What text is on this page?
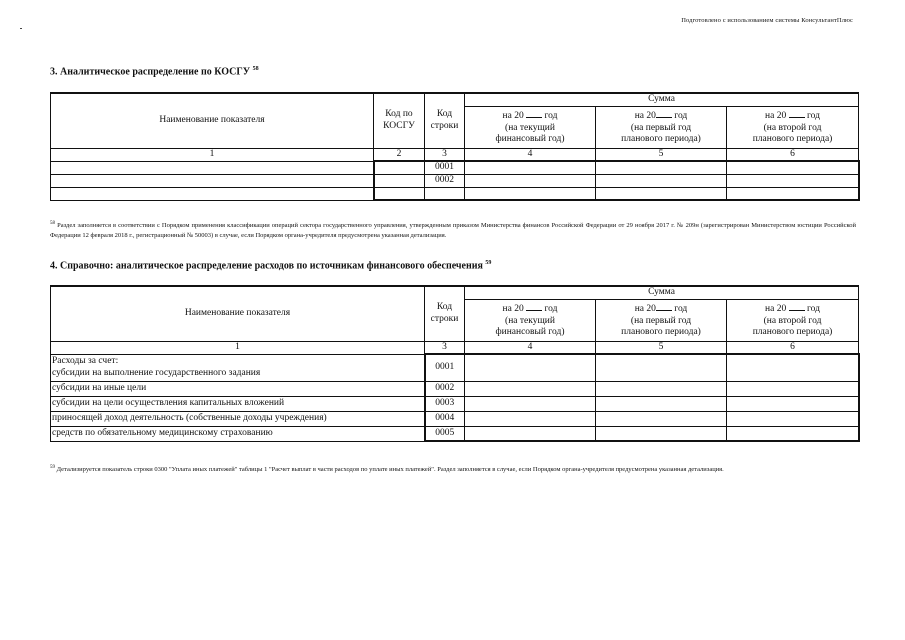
Подготовлено с использованием системы КонсультантПлюс
3. Аналитическое распределение по КОСГУ $^{58}$
Наименование показателя	Код по КОСГУ	Код строки	Сумма		
			на 20 год
(на текущий
финансовый год)	на 20 год
(на первый год
планового периода)	на 20 год
(на второй год
планового периода)
1	2	3	4	5	6
		0001			
		0002			

$^{58}$ Раздел заполняется в соответствии с Порядком применения классификации операций сектора государственного управления, утвержденным приказом Министерства финансов Российской Федерации от 29 ноября 2017 г. № 209н (зарегистрирован Министерством юстиции Российской Федерации 12 февраля 2018 г., регистрационный № 50003) в случае, если Порядком органа-учредителя предусмотрена указанная детализация.
4. Справочно: аналитическое распределение расходов по источникам финансового обеспечения $^{59}$
Наименование показателя	Код строки	Сумма		
		на 20 год
(на текущий
финансовый год)	на 20 год
(на первый год
планового периода)	на 20 год
(на второй год
планового периода)
1	3	4	5	6
Расходы за счет:
субсидии на выполнение государственного задания	0001			
субсидии на иные цели	0002			
субсидии на цели осуществления капитальных вложений	0003			
приносящей доход деятельность (собственные доходы учреждения)	0004			
средств по обязательному медицинскому страхованию	0005			
$^{59}$ Детализируется показатель строки 0300 "Уплата иных платежей" таблицы 1 "Расчет выплат в части расходов по уплате иных платежей". Раздел заполняется в случае, если Порядком органа-учредителя предусмотрена указанная детализация.
